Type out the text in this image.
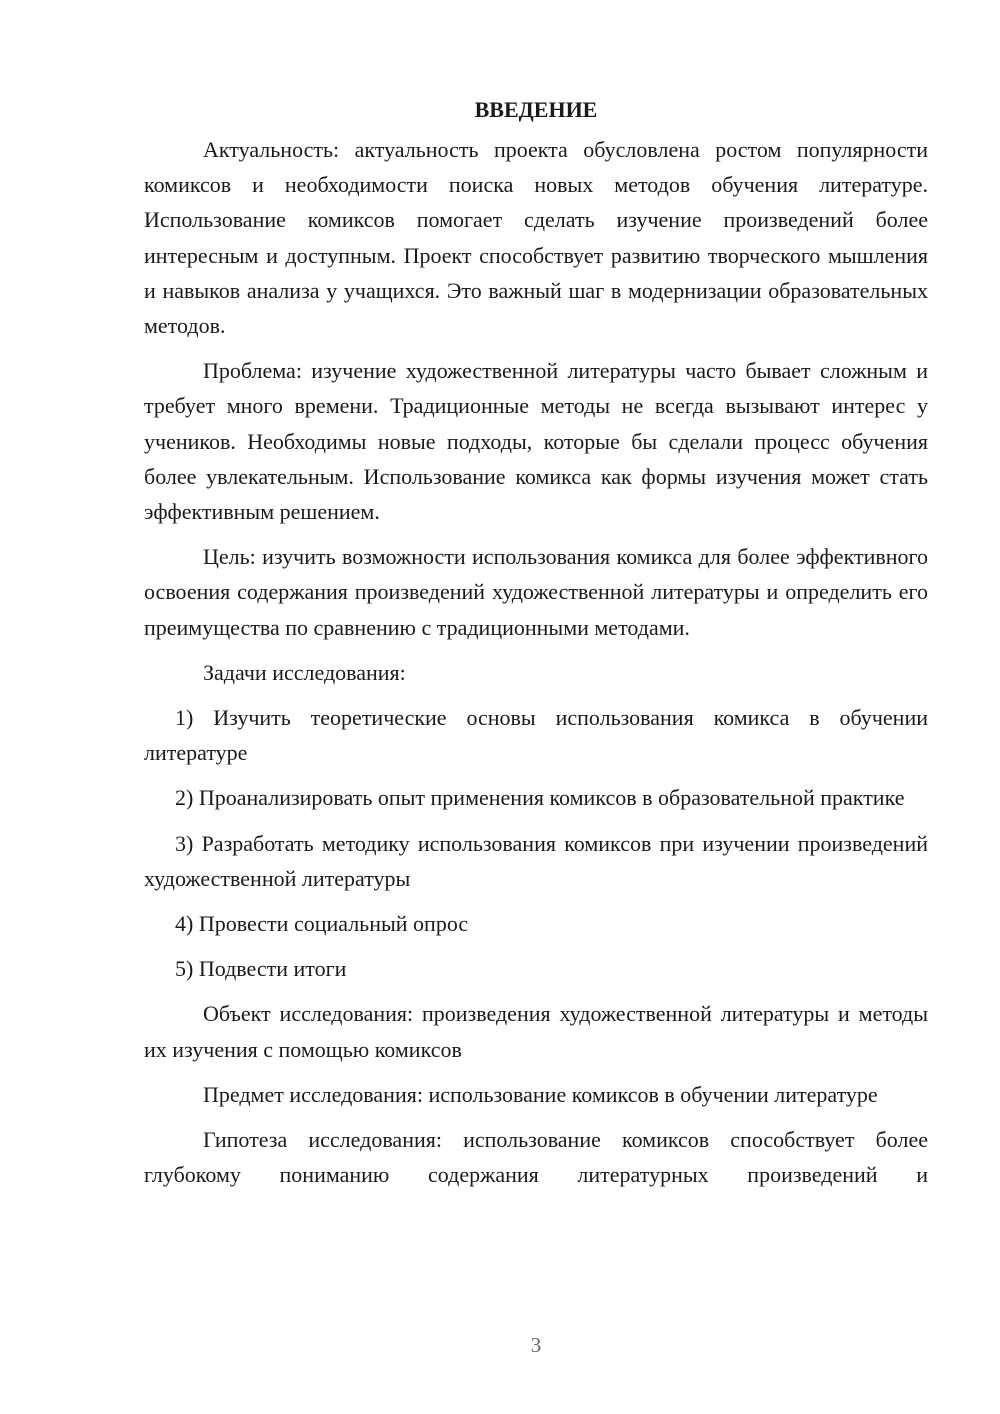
ВВЕДЕНИЕ

Актуальность: актуальность проекта обусловлена ростом популярности комиксов и необходимости поиска новых методов обучения литературе. Использование комиксов помогает сделать изучение произведений более интересным и доступным. Проект способствует развитию творческого мышления и навыков анализа у учащихся. Это важный шаг в модернизации образовательных методов.

Проблема: изучение художественной литературы часто бывает сложным и требует много времени. Традиционные методы не всегда вызывают интерес у учеников. Необходимы новые подходы, которые бы сделали процесс обучения более увлекательным. Использование комикса как формы изучения может стать эффективным решением.

Цель: изучить возможности использования комикса для более эффективного освоения содержания произведений художественной литературы и определить его преимущества по сравнению с традиционными методами.

Задачи исследования:

1) Изучить теоретические основы использования комикса в обучении литературе

2) Проанализировать опыт применения комиксов в образовательной практике

3) Разработать методику использования комиксов при изучении произведений художественной литературы

4) Провести социальный опрос

5) Подвести итоги

Объект исследования: произведения художественной литературы и методы их изучения с помощью комиксов

Предмет исследования: использование комиксов в обучении литературе

Гипотеза исследования: использование комиксов способствует более глубокому пониманию содержания литературных произведений и

3
